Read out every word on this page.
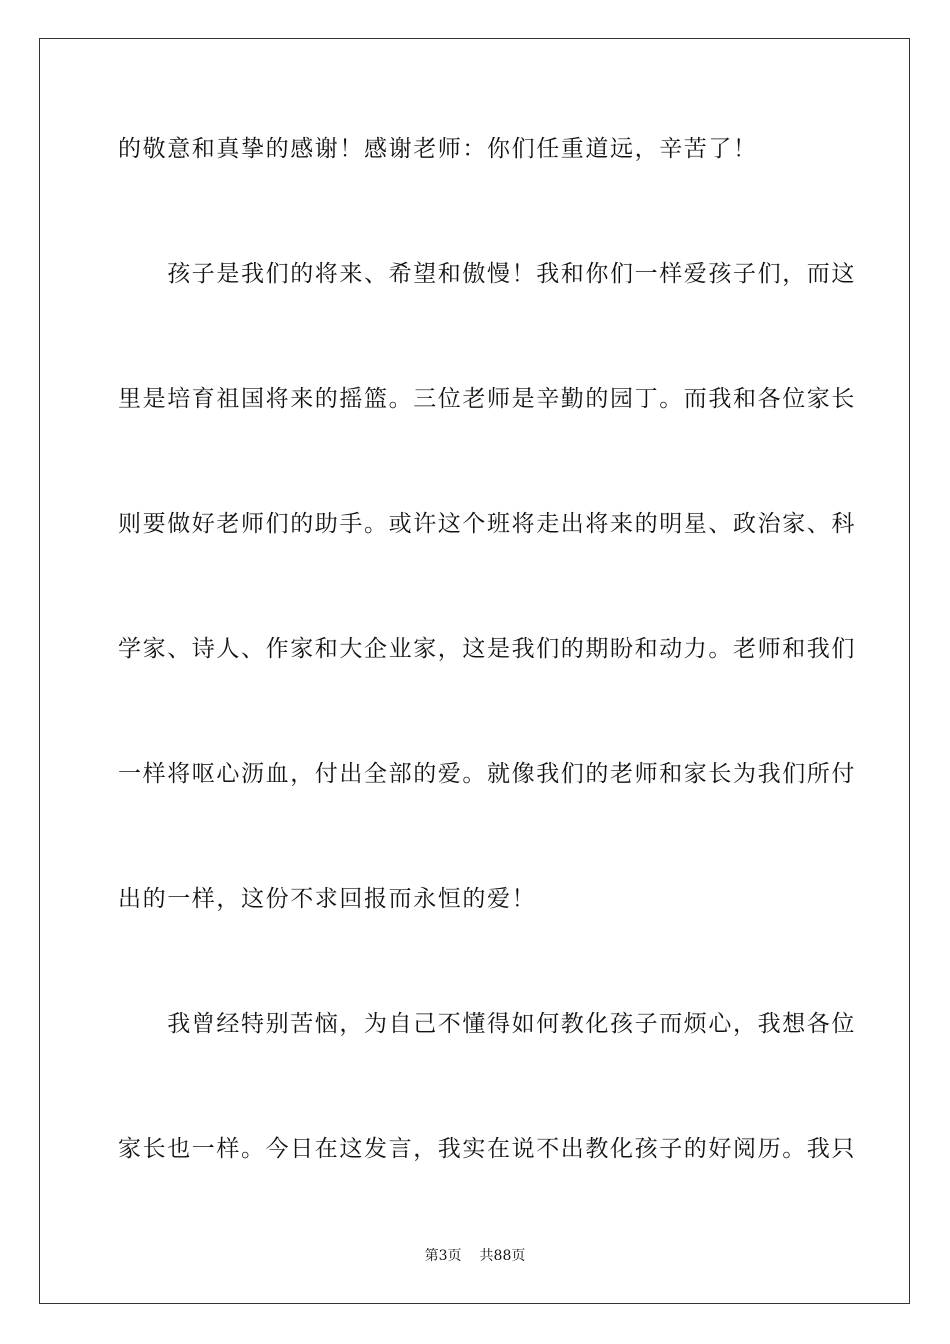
的敬意和真挚的感谢！感谢老师：你们任重道远，辛苦了！
　　孩子是我们的将来、希望和傲慢！我和你们一样爱孩子们，而这
里是培育祖国将来的摇篮。三位老师是辛勤的园丁。而我和各位家长
则要做好老师们的助手。或许这个班将走出将来的明星、政治家、科
学家、诗人、作家和大企业家，这是我们的期盼和动力。老师和我们
一样将呕心沥血，付出全部的爱。就像我们的老师和家长为我们所付
出的一样，这份不求回报而永恒的爱！
　　我曾经特别苦恼，为自己不懂得如何教化孩子而烦心，我想各位
家长也一样。今日在这发言，我实在说不出教化孩子的好阅历。我只
第3页 共88页
